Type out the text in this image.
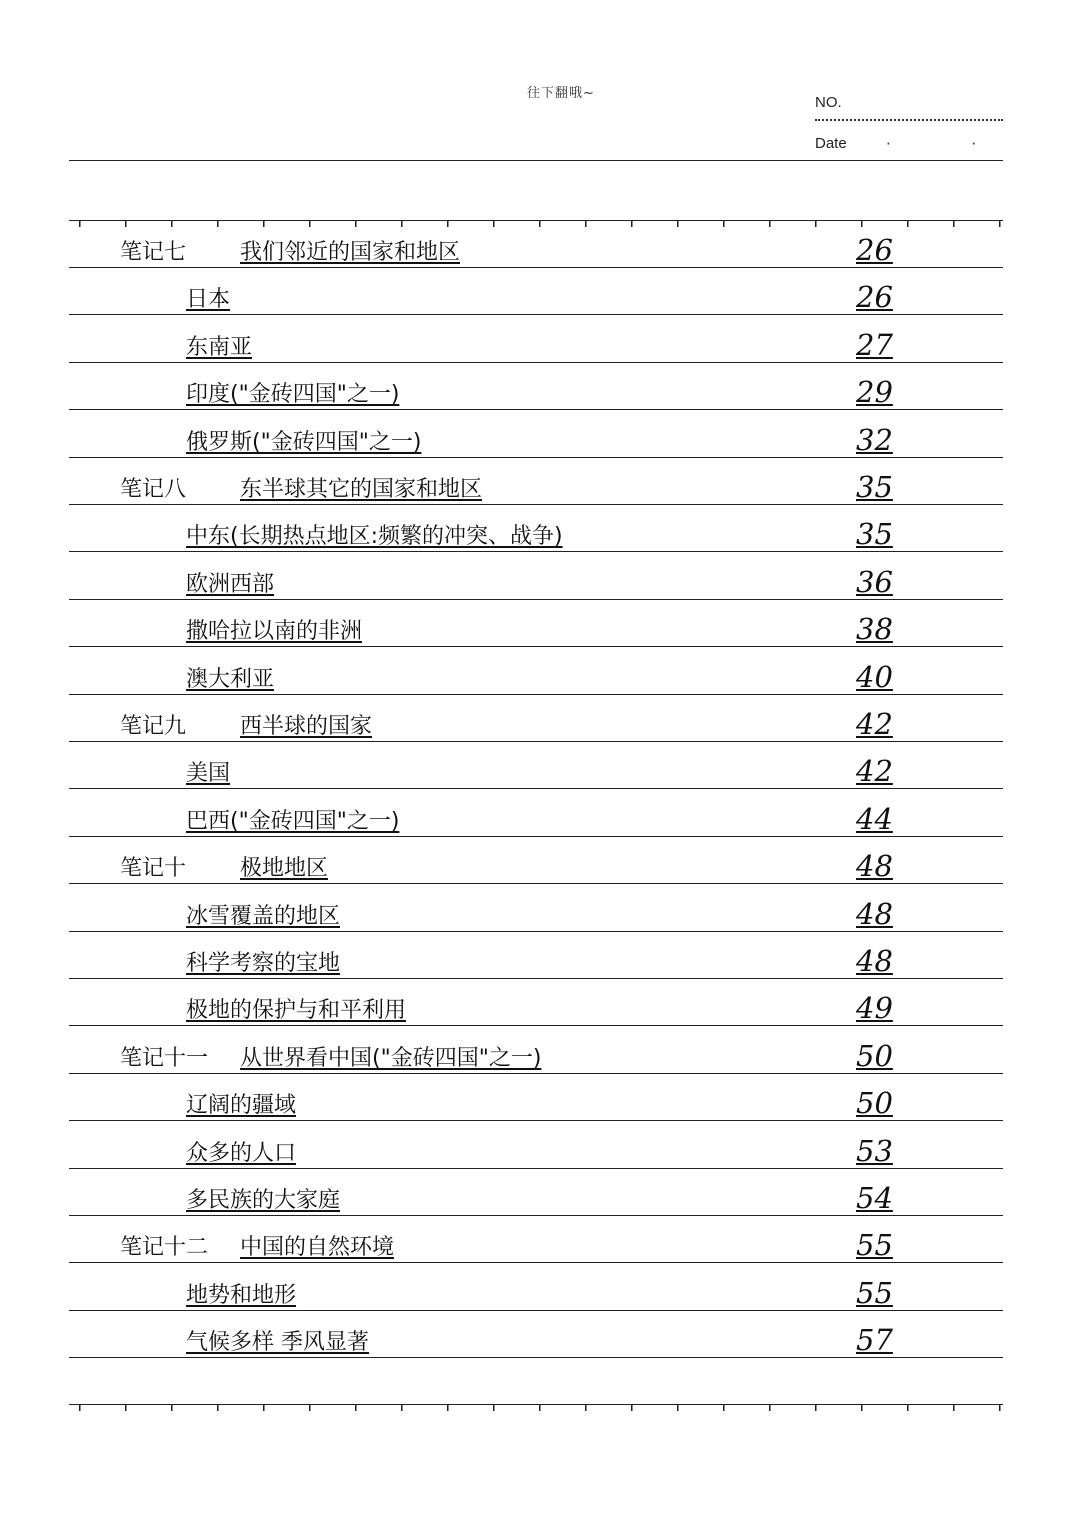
往下翻哦~
NO.
Date	· ·
笔记七 我们邻近的国家和地区	26
日本	26
东南亚	27
印度("金砖四国"之一)	29
俄罗斯("金砖四国"之一)	32
笔记八 东半球其它的国家和地区	35
中东(长期热点地区:频繁的冲突、战争)	35
欧洲西部	36
撒哈拉以南的非洲	38
澳大利亚	40
笔记九 西半球的国家	42
美国	42
巴西("金砖四国"之一)	44
笔记十 极地地区	48
冰雪覆盖的地区	48
科学考察的宝地	48
极地的保护与和平利用	49
笔记十一 从世界看中国("金砖四国"之一)	50
辽阔的疆域	50
众多的人口	53
多民族的大家庭	54
笔记十二 中国的自然环境	55
地势和地形	55
气候多样 季风显著	57
